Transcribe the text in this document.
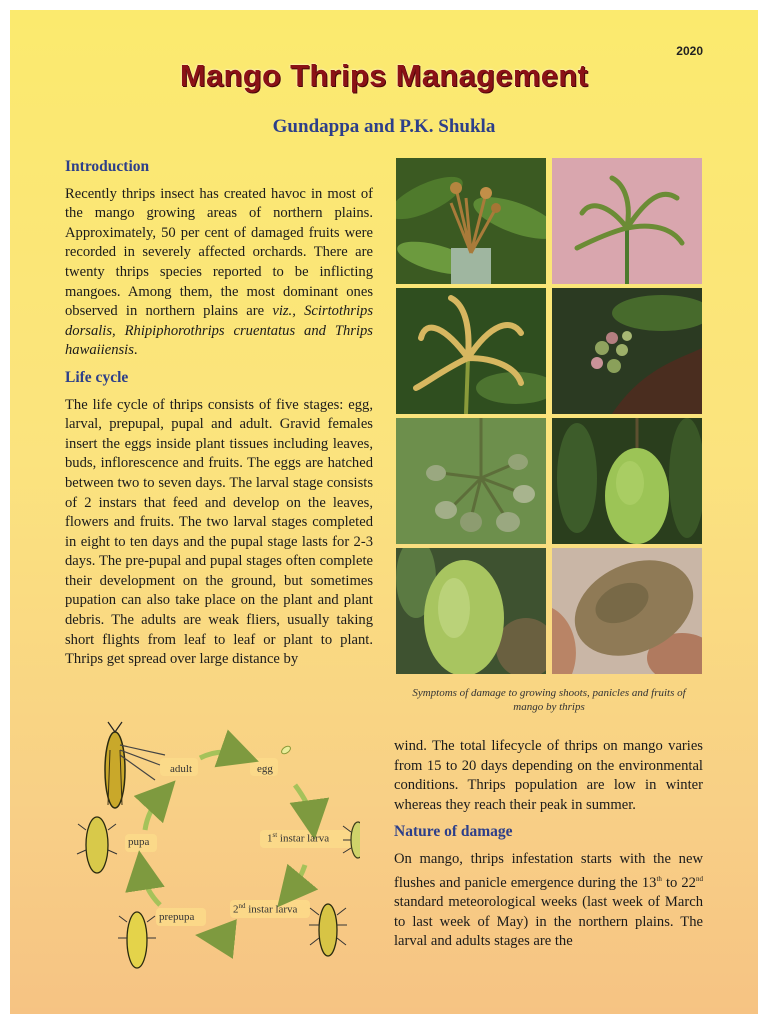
2020
Mango Thrips Management
Gundappa and P.K. Shukla
Introduction

Recently thrips insect has created havoc in most of the mango growing areas of northern plains. Approximately, 50 per cent of damaged fruits were recorded in severely affected orchards. There are twenty thrips species reported to be inflicting mangoes. Among them, the most dominant ones observed in northern plains are viz., Scirtothrips dorsalis, Rhipiphorothrips cruentatus and Thrips hawaiiensis.

Life cycle

The life cycle of thrips consists of five stages: egg, larval, prepupal, pupal and adult. Gravid females insert the eggs inside plant tissues including leaves, buds, inflorescence and fruits. The eggs are hatched between two to seven days. The larval stage consists of 2 instars that feed and develop on the leaves, flowers and fruits. The two larval stages completed in eight to ten days and the pupal stage lasts for 2-3 days. The pre-pupal and pupal stages often complete their development on the ground, but sometimes pupation can also take place on the plant and plant debris. The adults are weak fliers, usually taking short flights from leaf to leaf or plant to plant. Thrips get spread over large distance by

Symptoms of damage to growing shoots, panicles and fruits of mango by thrips
adult	egg
1st instar larva
2nd instar larva
prepupa
pupa

wind. The total lifecycle of thrips on mango varies from 15 to 20 days depending on the environmental conditions. Thrips population are low in winter whereas they reach their peak in summer.

Nature of damage

On mango, thrips infestation starts with the new flushes and panicle emergence during the 13th to 22nd standard meteorological weeks (last week of March to last week of May) in the northern plains. The larval and adults stages are the
